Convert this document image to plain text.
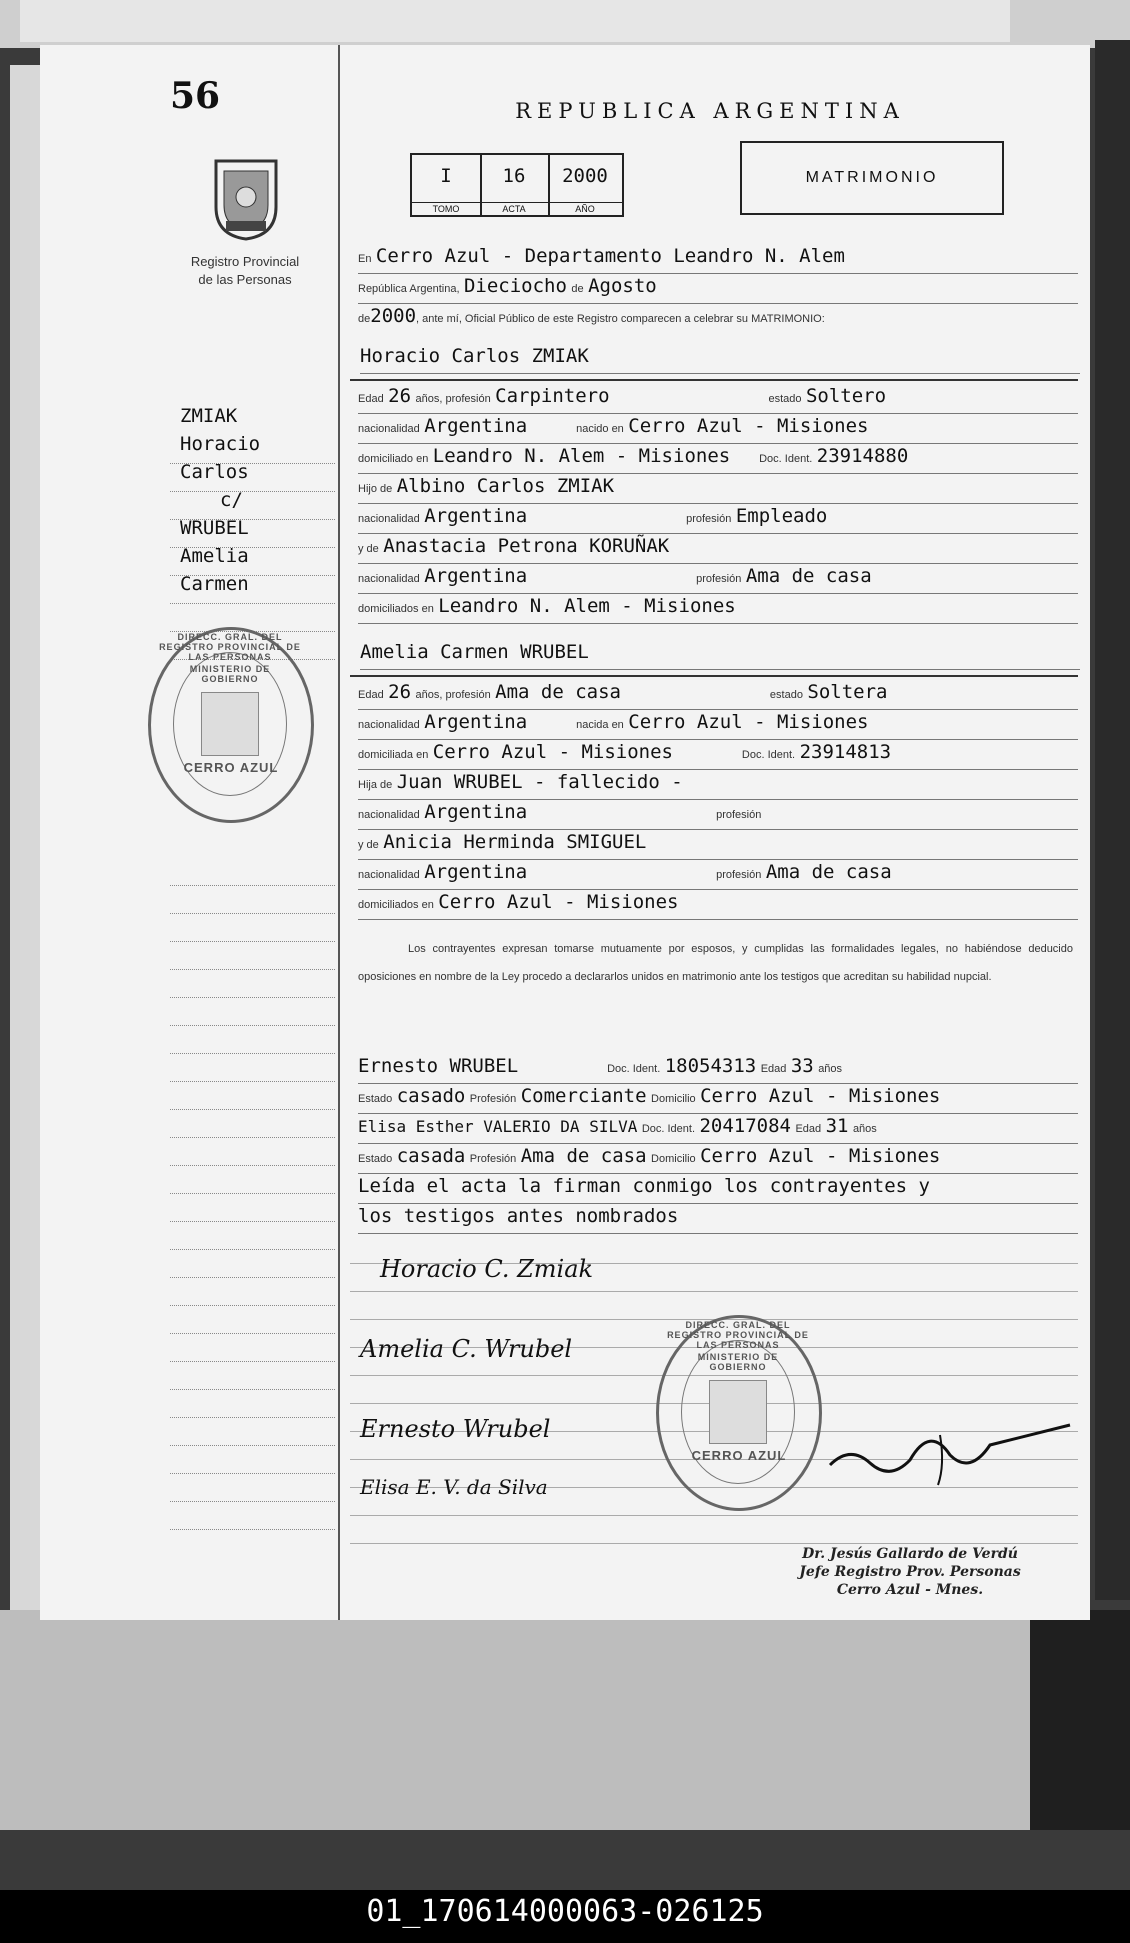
56
Registro Provincial
de las Personas
ZMIAK
Horacio
Carlos
c/
WRUBEL
Amelia
Carmen
DIRECC. GRAL. DEL REGISTRO PROVINCIAL DE LAS PERSONAS
MINISTERIO DE GOBIERNO
CERRO AZUL
REPUBLICA ARGENTINA
I
TOMO
16
ACTA
2000
AÑO
MATRIMONIO
En Cerro Azul - Departamento Leandro N. Alem
República Argentina, Dieciocho de Agosto
de2000, ante mí, Oficial Público de este Registro comparecen a celebrar su MATRIMONIO:
Horacio Carlos ZMIAK
Edad 26 años, profesión Carpintero	estado Soltero
nacionalidad Argentina	nacido en Cerro Azul - Misiones
domiciliado en Leandro N. Alem - Misiones	Doc. Ident. 23914880
Hijo de Albino Carlos ZMIAK
nacionalidad Argentina	profesión Empleado
y de Anastacia Petrona KORUÑAK
nacionalidad Argentina	profesión Ama de casa
domiciliados en Leandro N. Alem - Misiones
Amelia Carmen WRUBEL
Edad 26 años, profesión Ama de casa	estado Soltera
nacionalidad Argentina	nacida en Cerro Azul - Misiones
domiciliada en Cerro Azul - Misiones	Doc. Ident. 23914813
Hija de Juan WRUBEL - fallecido -
nacionalidad Argentina	profesión
y de Anicia Herminda SMIGUEL
nacionalidad Argentina	profesión Ama de casa
domiciliados en Cerro Azul - Misiones
Los contrayentes expresan tomarse mutuamente por esposos, y cumplidas las formalidades legales, no habiéndose deducido oposiciones en nombre de la Ley procedo a declararlos unidos en matrimonio ante los testigos que acreditan su habilidad nupcial.
Ernesto WRUBEL	Doc. Ident. 18054313 Edad 33 años
Estado casado Profesión Comerciante Domicilio Cerro Azul - Misiones
Elisa Esther VALERIO DA SILVA Doc. Ident. 20417084 Edad 31 años
Estado casada Profesión Ama de casa Domicilio Cerro Azul - Misiones
Leída el acta la firman conmigo los contrayentes y
los testigos antes nombrados
Horacio C. Zmiak
Amelia C. Wrubel
Ernesto Wrubel
Elisa E. V. da Silva
DIRECC. GRAL. DEL REGISTRO PROVINCIAL DE LAS PERSONAS
MINISTERIO DE GOBIERNO
CERRO AZUL
Dr. Jesús Gallardo de Verdú
Jefe Registro Prov. Personas
Cerro Azul - Mnes.
01_170614000063-026125
